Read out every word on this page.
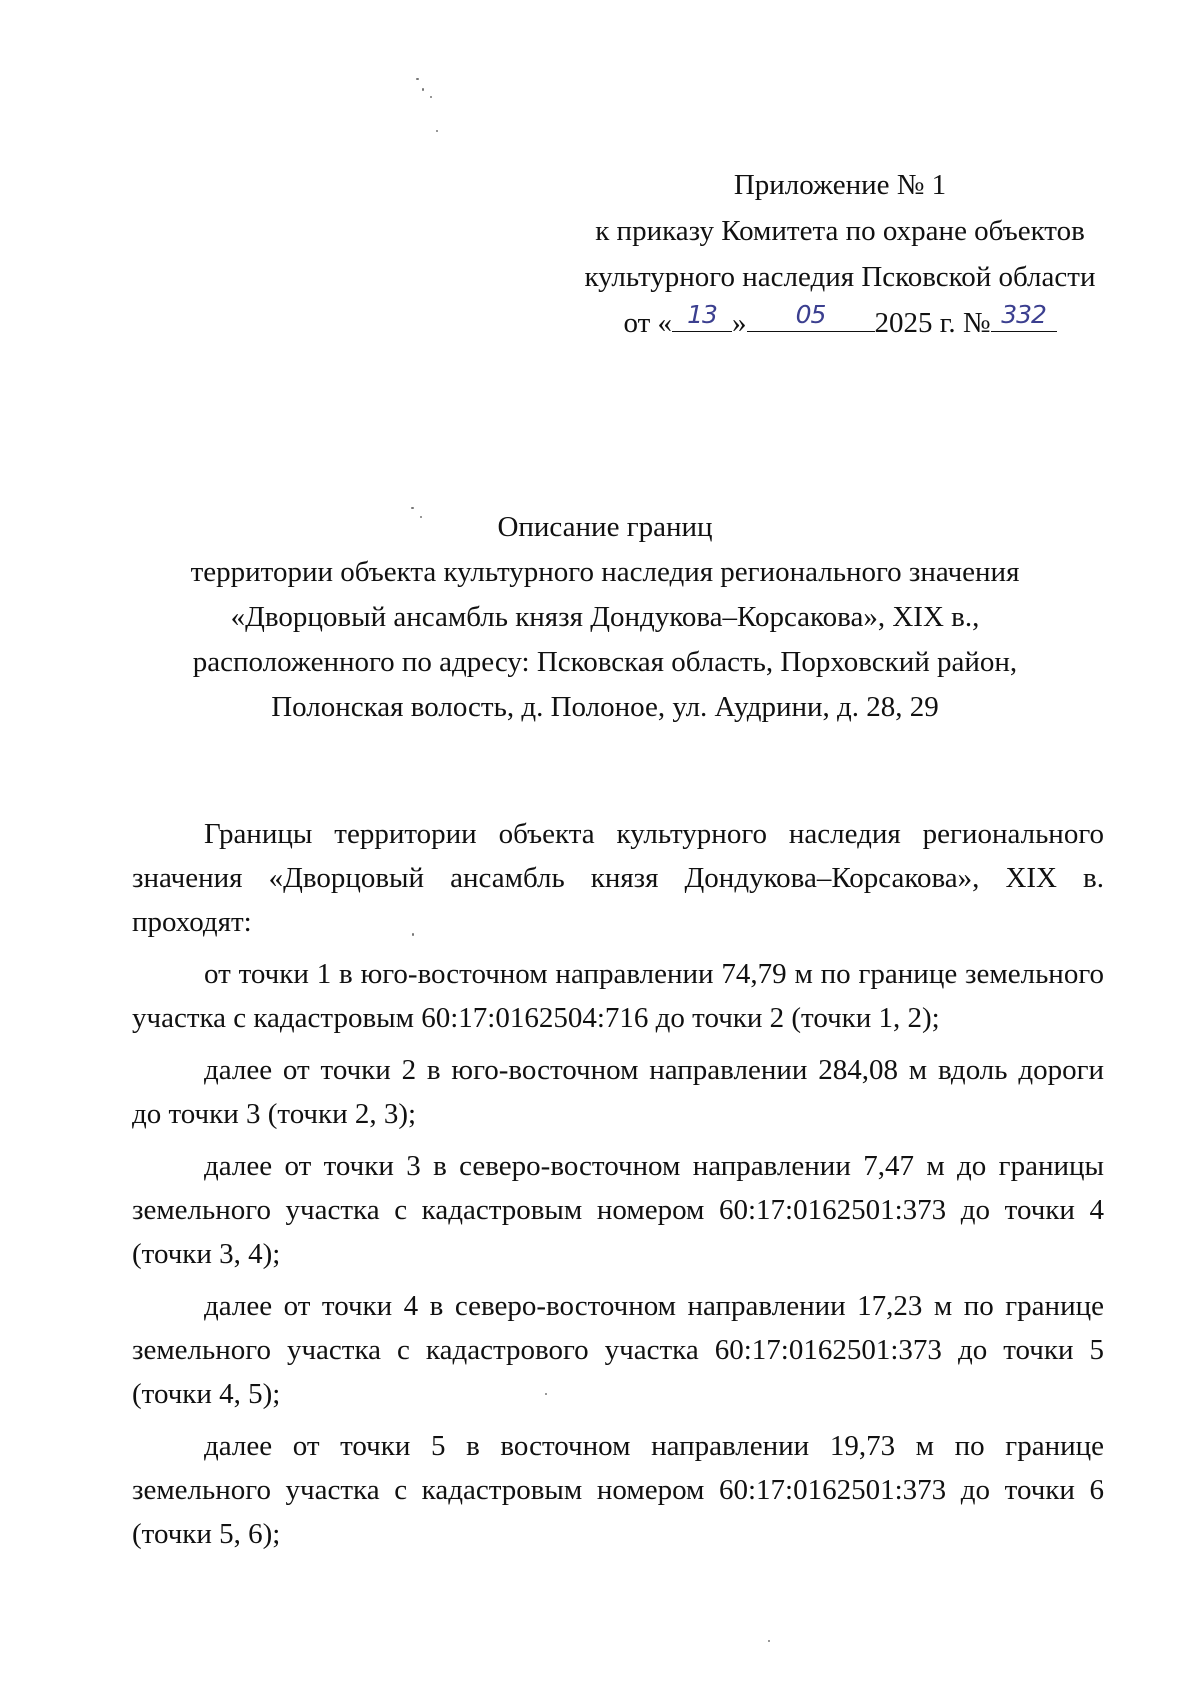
Приложение № 1
к приказу Комитета по охране объектов
культурного наследия Псковской области
от « 13 »	05	2025 г. № 332
Описание границ
территории объекта культурного наследия регионального значения
«Дворцовый ансамбль князя Дондукова–Корсакова», XIX в.,
расположенного по адресу: Псковская область, Порховский район,
Полонская волость, д. Полоное, ул. Аудрини, д. 28, 29

Границы территории объекта культурного наследия регионального значения «Дворцовый ансамбль князя Дондукова–Корсакова», XIX в. проходят:

от точки 1 в юго-восточном направлении 74,79 м по границе земельного участка с кадастровым 60:17:0162504:716 до точки 2 (точки 1, 2);

далее от точки 2 в юго-восточном направлении 284,08 м вдоль дороги до точки 3 (точки 2, 3);

далее от точки 3 в северо-восточном направлении 7,47 м до границы земельного участка с кадастровым номером 60:17:0162501:373 до точки 4 (точки 3, 4);

далее от точки 4 в северо-восточном направлении 17,23 м по границе земельного участка с кадастрового участка 60:17:0162501:373 до точки 5 (точки 4, 5);

далее от точки 5 в восточном направлении 19,73 м по границе земельного участка с кадастровым номером 60:17:0162501:373 до точки 6 (точки 5, 6);
